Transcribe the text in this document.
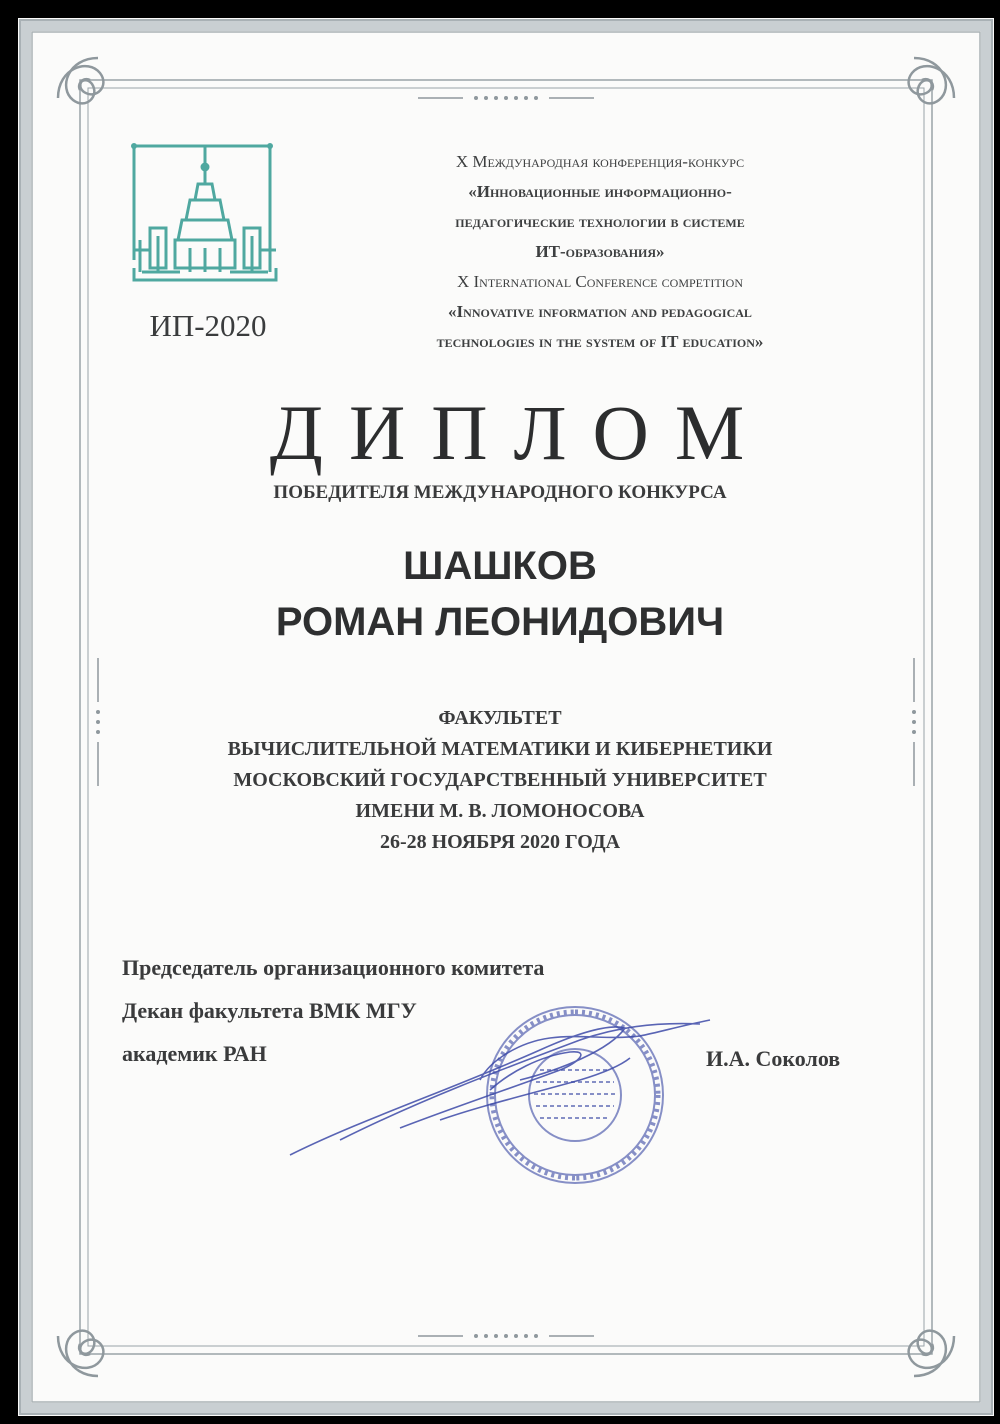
ИП-2020
X Международная конференция-конкурс
«Инновационные информационно-
педагогические технологии в системе
ИТ-образования»
X International Conference competition
«Innovative information and pedagogical
technologies in the system of IT education»
ДИПЛОМ
ПОБЕДИТЕЛЯ МЕЖДУНАРОДНОГО КОНКУРСА
ШАШКОВ
РОМАН ЛЕОНИДОВИЧ
ФАКУЛЬТЕТ
ВЫЧИСЛИТЕЛЬНОЙ МАТЕМАТИКИ И КИБЕРНЕТИКИ
МОСКОВСКИЙ ГОСУДАРСТВЕННЫЙ УНИВЕРСИТЕТ
ИМЕНИ М. В. ЛОМОНОСОВА
26-28 НОЯБРЯ 2020 ГОДА
Председатель организационного комитета
Декан факультета ВМК МГУ
академик РАН	И.А. Соколов
